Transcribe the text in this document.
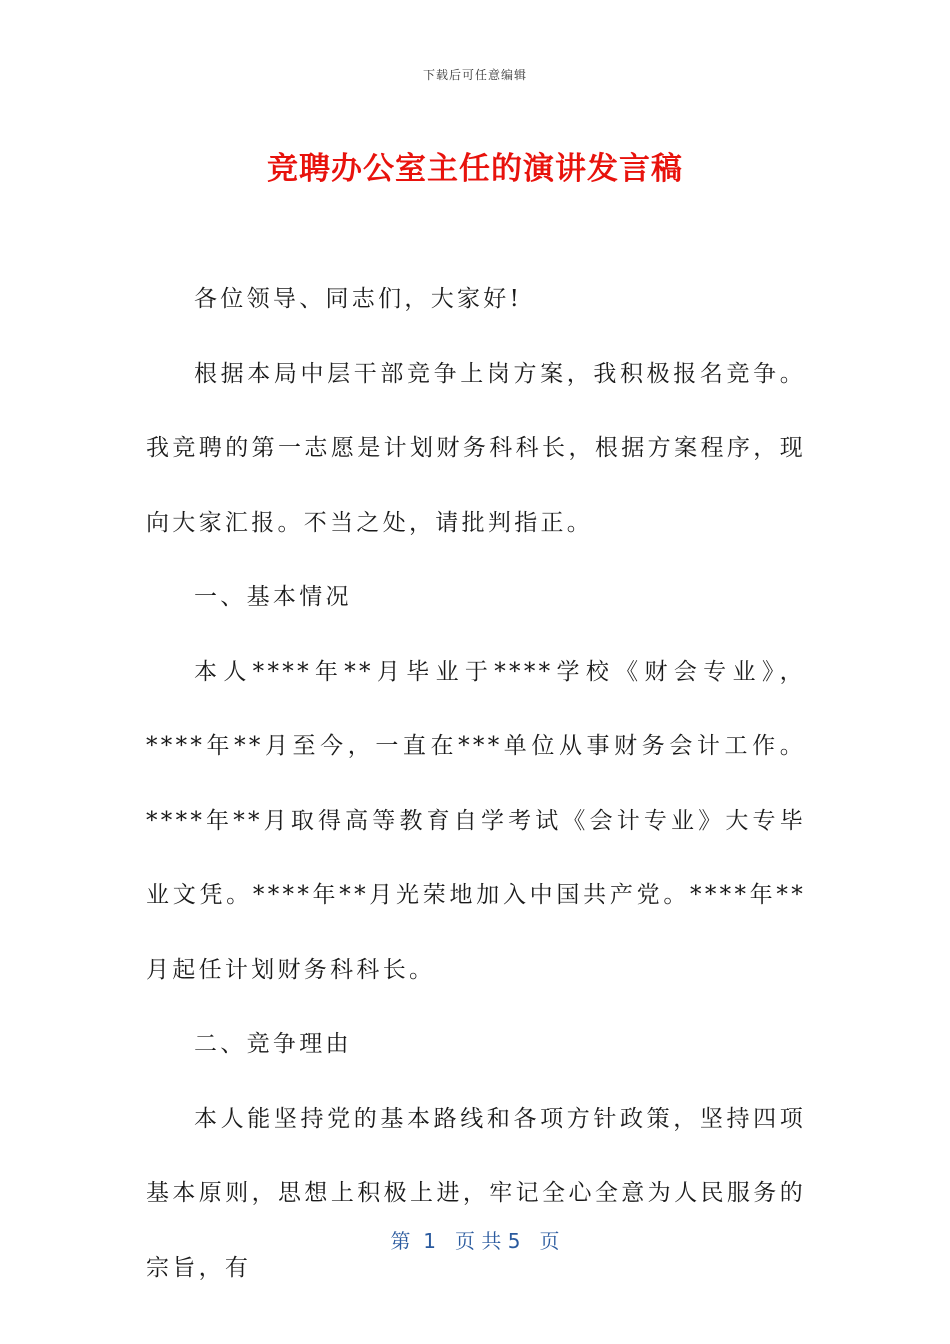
下载后可任意编辑
竞聘办公室主任的演讲发言稿

各位领导、同志们，大家好!

根据本局中层干部竞争上岗方案，我积极报名竞争。我竞聘的第一志愿是计划财务科科长，根据方案程序，现向大家汇报。不当之处，请批判指正。

一、基本情况

本人****年**月毕业于****学校《财会专业》，****年**月至今，一直在***单位从事财务会计工作。****年**月取得高等教育自学考试《会计专业》大专毕业文凭。****年**月光荣地加入中国共产党。****年**月起任计划财务科科长。

二、竞争理由

本人能坚持党的基本路线和各项方针政策，坚持四项基本原则，思想上积极上进，牢记全心全意为人民服务的宗旨，有

第  1   页 共 5   页
